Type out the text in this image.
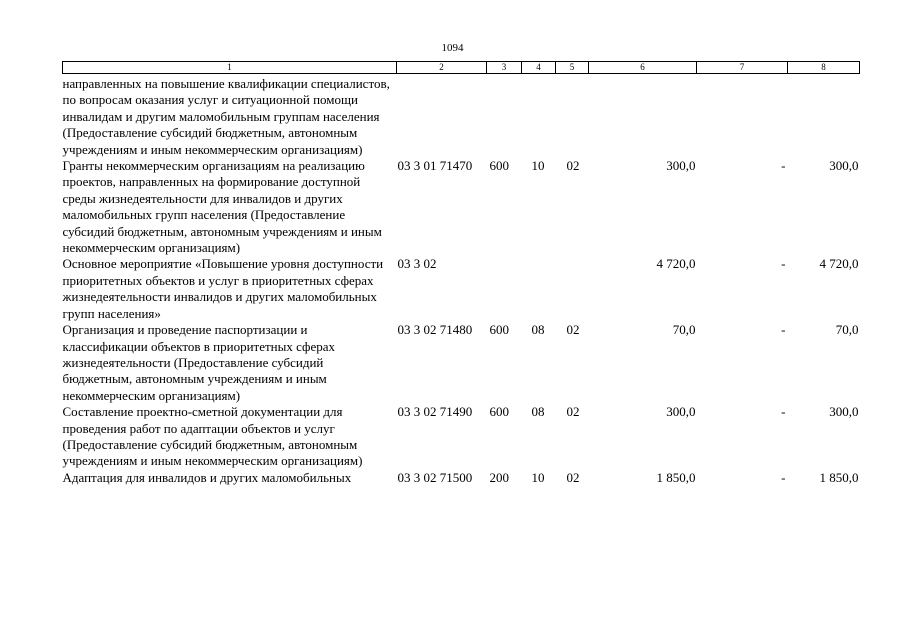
1094
1	2	3	4	5	6	7	8
направленных на повышение квалификации специалистов, по вопросам оказания услуг и ситуационной помощи инвалидам и другим маломобильным группам населения (Предоставление субсидий бюджетным, автономным учреждениям и иным некоммерческим организациям)							
Гранты некоммерческим организациям на реализацию проектов, направленных на формирование доступной среды жизнедеятельности для инвалидов и других маломобильных групп населения (Предоставление субсидий бюджетным, автономным учреждениям и иным некоммерческим организациям)	03 3 01 71470	600	10	02	300,0	-	300,0
Основное мероприятие «Повышение уровня доступности приоритетных объектов и услуг в приоритетных сферах жизнедеятельности инвалидов и других маломобильных групп населения»	03 3 02				4 720,0	-	4 720,0
Организация и проведение паспортизации и классификации объектов в приоритетных сферах жизнедеятельности (Предоставление субсидий бюджетным, автономным учреждениям и иным некоммерческим организациям)	03 3 02 71480	600	08	02	70,0	-	70,0
Составление проектно-сметной документации для проведения работ по адаптации объектов и услуг (Предоставление субсидий бюджетным, автономным учреждениям и иным некоммерческим организациям)	03 3 02 71490	600	08	02	300,0	-	300,0
Адаптация для инвалидов и других маломобильных	03 3 02 71500	200	10	02	1 850,0	-	1 850,0
